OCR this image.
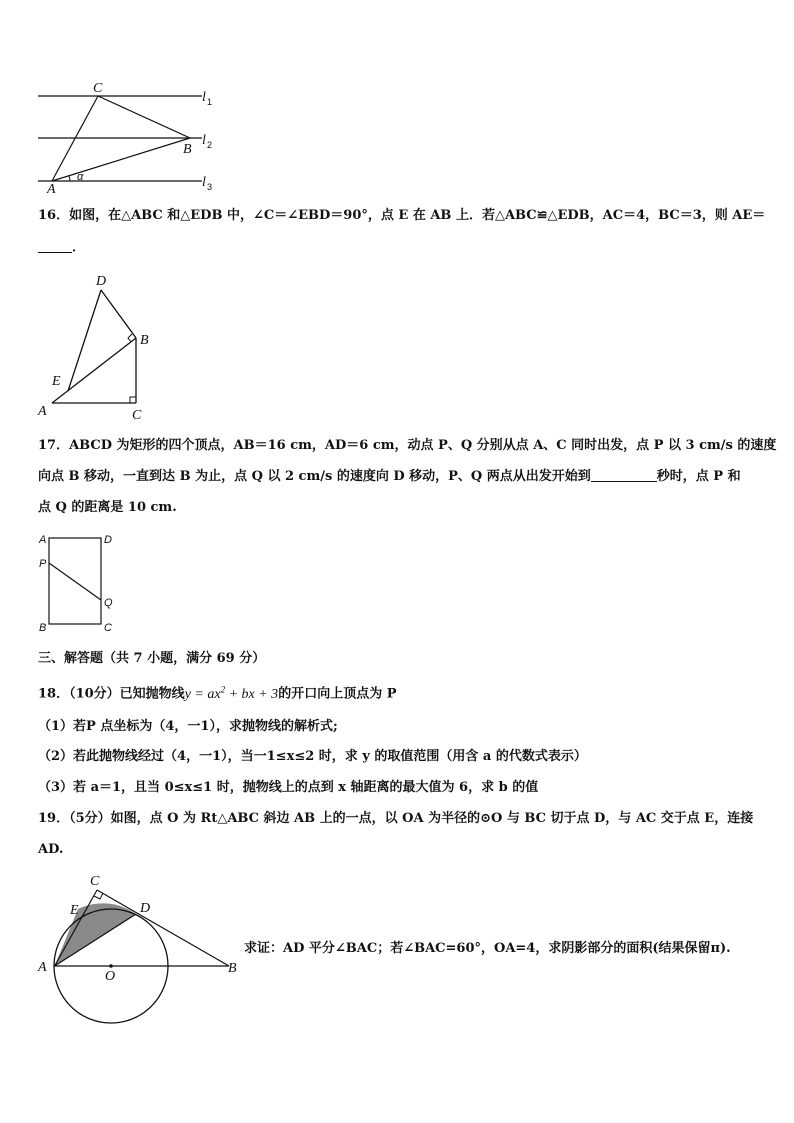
C
B
A
α
l 1
l 2
l 3
16．如图，在△ABC 和△EDB 中，∠C＝∠EBD＝90°，点 E 在 AB 上．若△ABC≌△EDB，AC＝4，BC＝3，则 AE＝
．
D
B
E
A	C
17．ABCD 为矩形的四个顶点，AB＝16 cm，AD＝6 cm，动点 P、Q 分别从点 A、C 同时出发，点 P 以 3 cm/s 的速度
向点 B 移动，一直到达 B 为止，点 Q 以 2 cm/s 的速度向 D 移动，P、Q 两点从出发开始到	秒时，点 P 和
点 Q 的距离是 10 cm.
A	D
P
Q
B	C
三、解答题（共 7 小题，满分 69 分）
18．（10分）已知抛物线$y = ax^2$ + bx + 3的开口向上顶点为 P
（1）若P 点坐标为（4，一1），求抛物线的解析式;
（2）若此抛物线经过（4，一1），当一1≤x≤2 时，求 y 的取值范围（用含 a 的代数式表示）
（3）若 a＝1，且当 0≤x≤1 时，抛物线上的点到 x 轴距离的最大值为 6，求 b 的值
19．（5分）如图，点 O 为 Rt△ABC 斜边 AB 上的一点，以 OA 为半径的⊙O 与 BC 切于点 D，与 AC 交于点 E，连接
AD.
C
E	D
A
O
B
求证：AD 平分∠BAC；若∠BAC=60°，OA=4，求阴影部分的面积(结果保留π).
